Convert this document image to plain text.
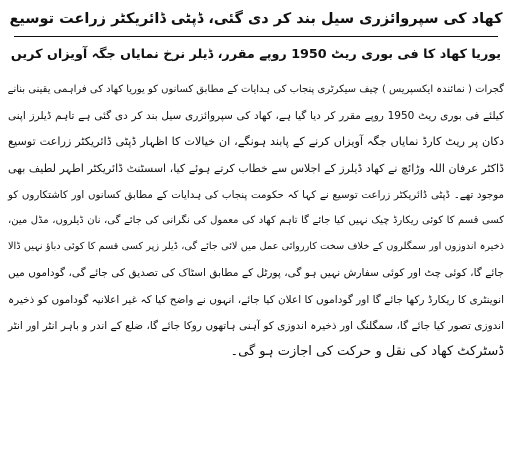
کھاد کی سپروائزری سیل بند کر دی گئی، ڈپٹی ڈائریکٹر زراعت توسیع
یوریا کھاد کا فی بوری ریٹ 1950 روپے مقرر، ڈیلر نرخ نمایاں جگہ آویزاں کریں

گجرات ( نمائندہ ایکسپریس ) چیف سیکرٹری پنجاب کی ہدایات کے مطابق کسانوں کو یوریا کھاد کی فراہمی یقینی بنانے

کیلئے فی بوری ریٹ 1950 روپے مقرر کر دیا گیا ہے، کھاد کی سپروائزری سیل بند کر دی گئی ہے تاہم ڈیلرز اپنی

دکان پر ریٹ کارڈ نمایاں جگہ آویزاں کرنے کے پابند ہونگے، ان خیالات کا اظہار ڈپٹی ڈائریکٹر زراعت توسیع

ڈاکٹر عرفان اللہ وڑائچ نے کھاد ڈیلرز کے اجلاس سے خطاب کرتے ہوئے کیا، اسسٹنٹ ڈائریکٹر اطہر لطیف بھی

موجود تھے۔ ڈپٹی ڈائریکٹر زراعت توسیع نے کہا کہ حکومت پنجاب کی ہدایات کے مطابق کسانوں اور کاشتکاروں کو

کسی قسم کا کوئی ریکارڈ چیک نہیں کیا جائے گا تاہم کھاد کی معمول کی نگرانی کی جائے گی، نان ڈیلروں، مڈل مین،

ذخیرہ اندوزوں اور سمگلروں کے خلاف سخت کارروائی عمل میں لائی جائے گی، ڈیلر زپر کسی قسم کا کوئی دباؤ نہیں ڈالا

جائے گا، کوئی چٹ اور کوئی سفارش نہیں ہو گی، پورٹل کے مطابق اسٹاک کی تصدیق کی جائے گی، گوداموں میں

انوینٹری کا ریکارڈ رکھا جائے گا اور گوداموں کا اعلان کیا جائے، انہوں نے واضح کیا کہ غیر اعلانیہ گوداموں کو ذخیرہ

اندوزی تصور کیا جائے گا، سمگلنگ اور ذخیرہ اندوزی کو آہنی ہاتھوں روکا جائے گا، ضلع کے اندر و باہر انٹر اور انٹر

ڈسٹرکٹ کھاد کی نقل و حرکت کی اجازت ہو گی۔
